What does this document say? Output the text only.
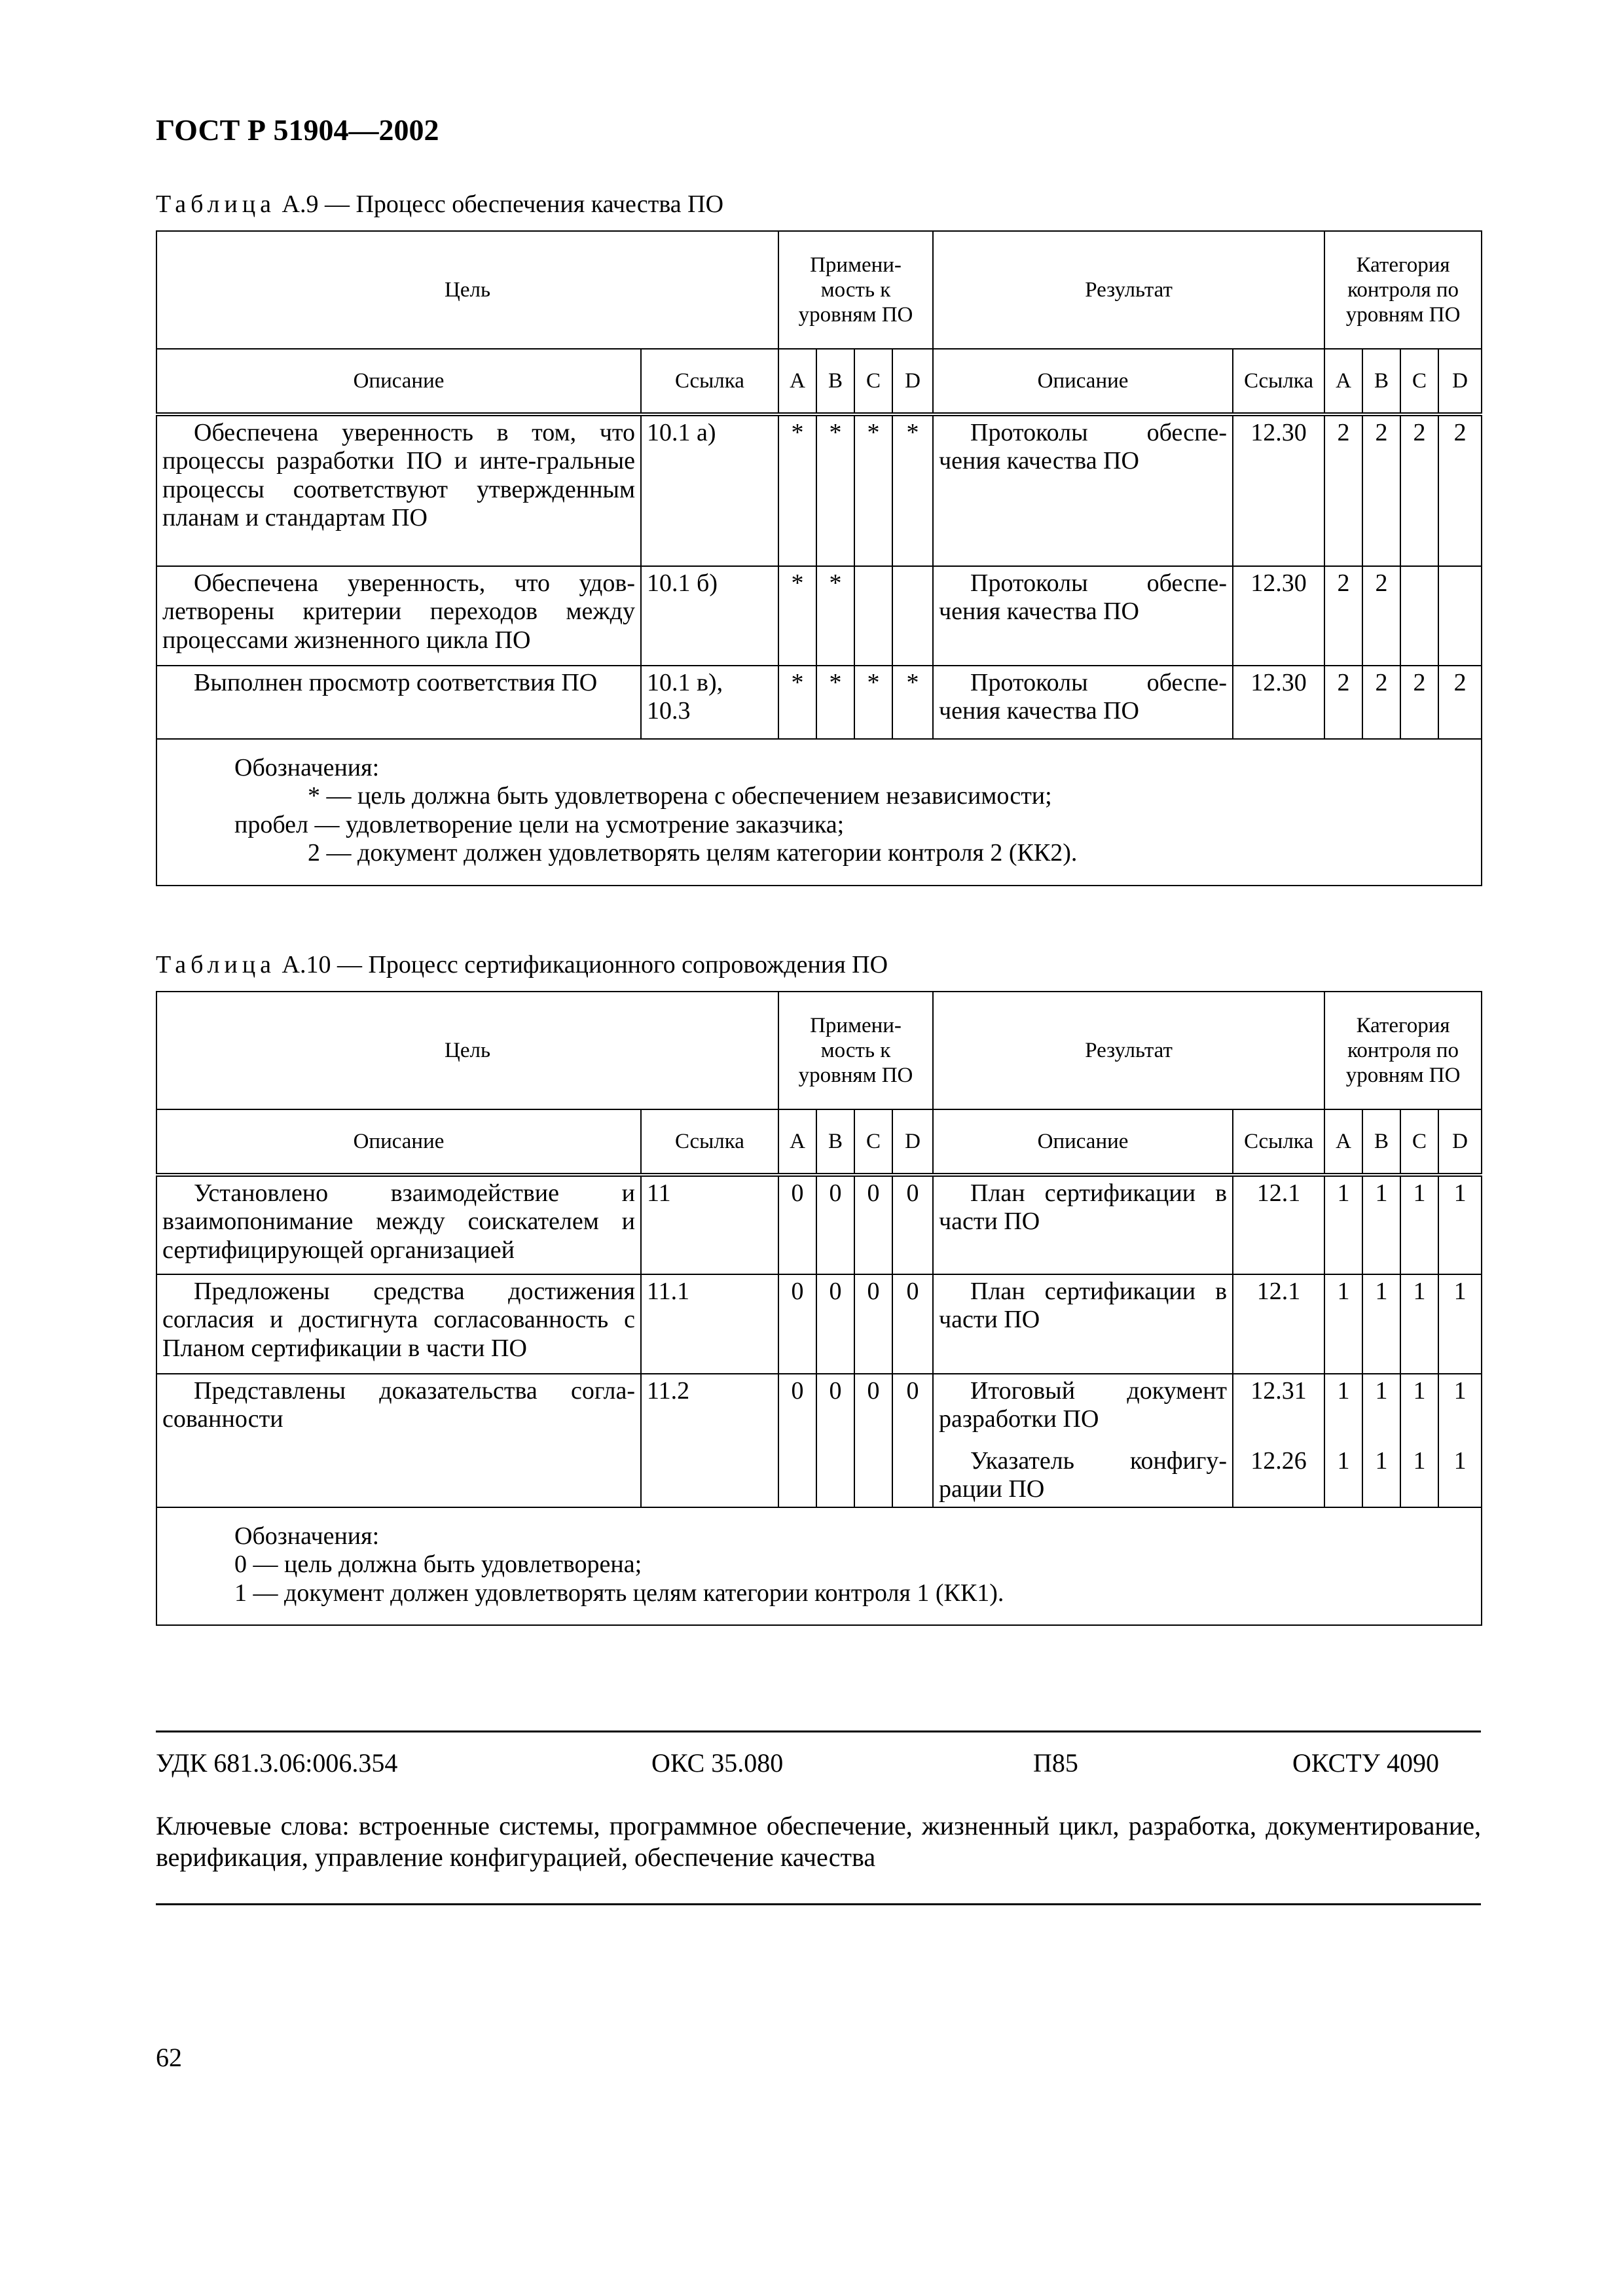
ГОСТ Р 51904—2002
Таблица А.9 — Процесс обеспечения качества ПО
Цель		Примени-
мость к
уровням ПО				Результат		Категория
контроля по
уровням ПО			

Описание	Ссылка	A	B	C	D	Описание	Ссылка	A	B	C	D

Обеспечена уверенность в том, что процессы разработки ПО и инте-гральные процессы соответствуют утвержденным планам и стандартам ПО	10.1 а)	*	*	*	*	Протоколы обеспе-чения качества ПО	12.30	2	2	2	2

Обеспечена уверенность, что удов-летворены критерии переходов между процессами жизненного цикла ПО	10.1 б)	*	*			Протоколы обеспе-чения качества ПО	12.30	2	2		

Выполнен просмотр соответствия ПО	10.1 в), 10.3	*	*	*	*	Протоколы обеспе-чения качества ПО	12.30	2	2	2	2

Обозначения:
* — цель должна быть удовлетворена с обеспечением независимости;
пробел — удовлетворение цели на усмотрение заказчика;
2 — документ должен удовлетворять целям категории контроля 2 (КК2).											
Таблица А.10 — Процесс сертификационного сопровождения ПО
Цель		Примени-
мость к
уровням ПО				Результат		Категория
контроля по
уровням ПО			

Описание	Ссылка	A	B	C	D	Описание	Ссылка	A	B	C	D

Установлено взаимодействие и взаимопонимание между соискателем и сертифицирующей организацией	11	0	0	0	0	План сертификации в части ПО	12.1	1	1	1	1

Предложены средства достижения согласия и достигнута согласованность с Планом сертификации в части ПО	11.1	0	0	0	0	План сертификации в части ПО	12.1	1	1	1	1

Представлены доказательства согла-сованности	11.2	0	0	0	0	Итоговый документ разработки ПО	12.31	1	1	1	1

						Указатель конфигу-рации ПО	12.26	1	1	1	1

Обозначения:
0 — цель должна быть удовлетворена;
1 — документ должен удовлетворять целям категории контроля 1 (КК1).											
УДК 681.3.06:006.354	ОКС 35.080	П85	ОКСТУ 4090
Ключевые слова: встроенные системы, программное обеспечение, жизненный цикл, разработка, документирование, верификация, управление конфигурацией, обеспечение качества
62
